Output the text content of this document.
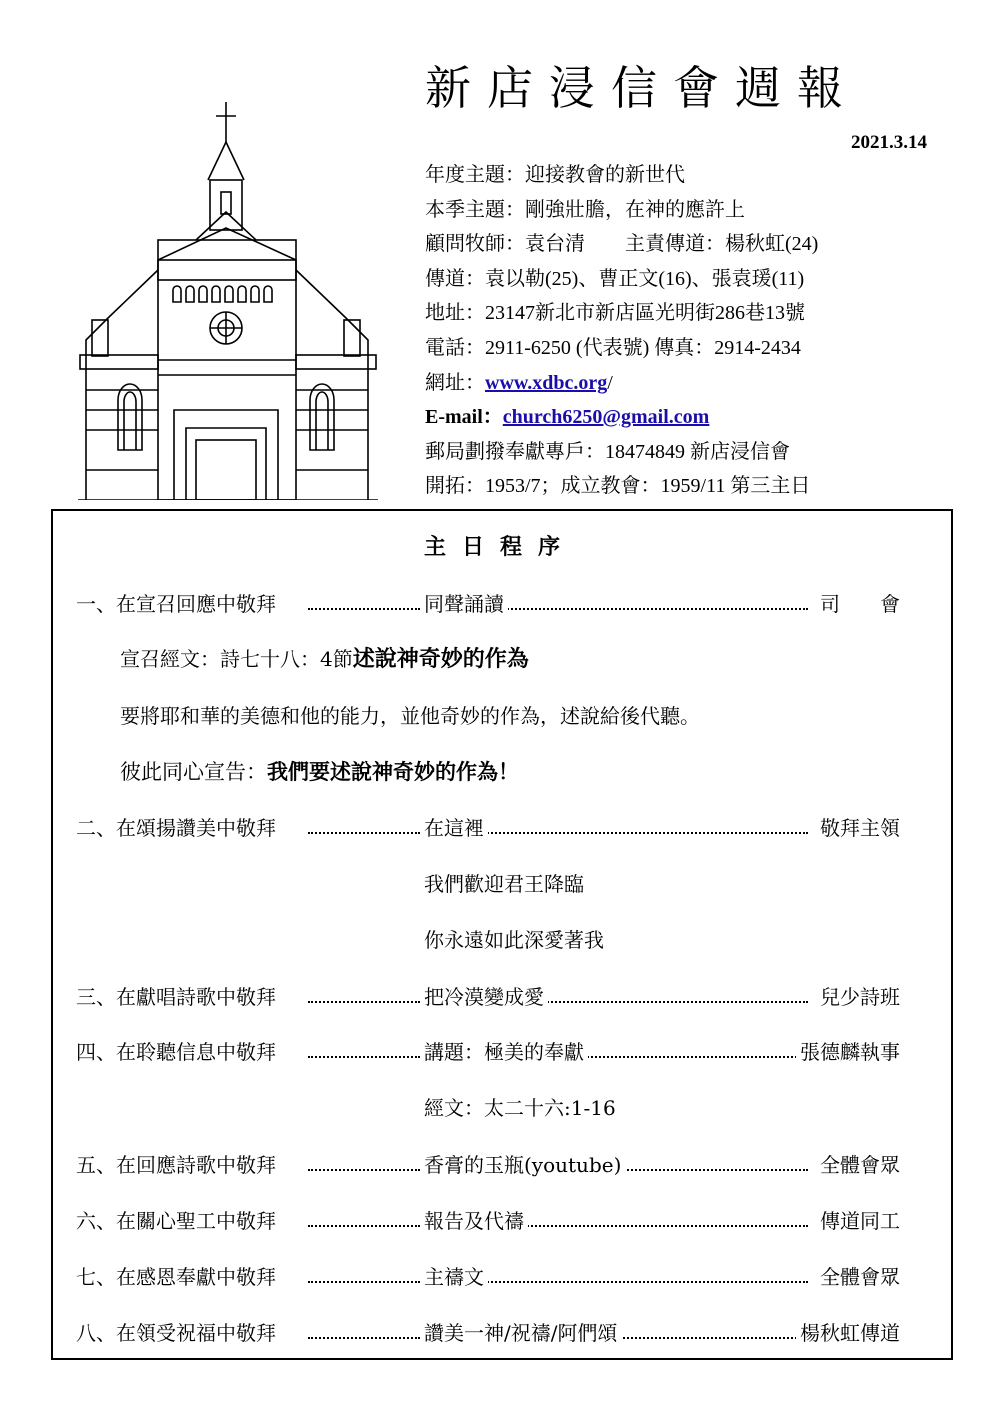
新店浸信會週報
2021.3.14
年度主題：迎接教會的新世代
本季主題：剛強壯膽，在神的應許上
顧問牧師：袁台清　　 主責傳道：楊秋虹(24)
傳道：袁以勒(25)、曹正文(16)、張袁瑗(11)
地址：23147新北市新店區光明街286巷13號
電話：2911-6250 (代表號) 傳真：2914-2434
網址：www.xdbc.org/
E-mail：church6250@gmail.com
郵局劃撥奉獻專戶：18474849 新店浸信會
開拓：1953/7；成立教會：1959/11 第三主日
主日程序
一、在宣召回應中敬拜	同聲誦讀	司　　會
宣召經文：詩七十八：4節述說神奇妙的作為
要將耶和華的美德和他的能力，並他奇妙的作為，述說給後代聽。
彼此同心宣告：我們要述說神奇妙的作為！
二、在頌揚讚美中敬拜	在這裡	敬拜主領
我們歡迎君王降臨
你永遠如此深愛著我
三、在獻唱詩歌中敬拜	把冷漠變成愛	兒少詩班
四、在聆聽信息中敬拜	講題：極美的奉獻	張德麟執事
經文：太二十六:1-16
五、在回應詩歌中敬拜	香膏的玉瓶(youtube)	全體會眾
六、在關心聖工中敬拜	報告及代禱	傳道同工
七、在感恩奉獻中敬拜	主禱文	全體會眾
八、在領受祝福中敬拜	讚美一神/祝禱/阿們頌	楊秋虹傳道
